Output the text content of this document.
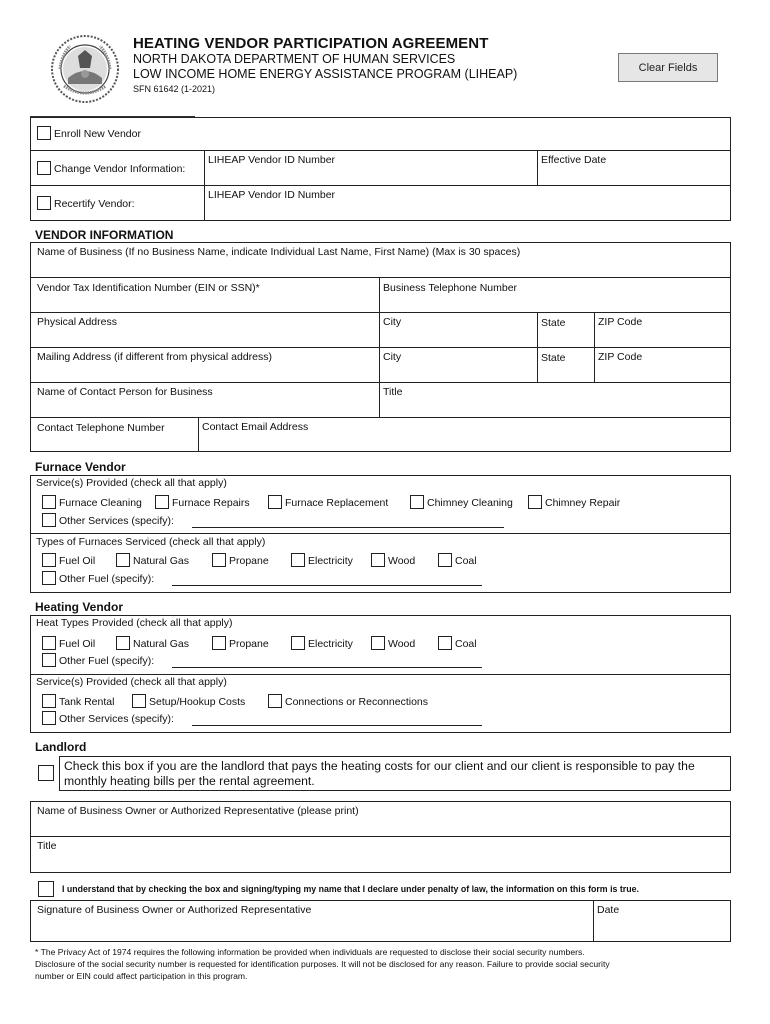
HEATING VENDOR PARTICIPATION AGREEMENT
NORTH DAKOTA DEPARTMENT OF HUMAN SERVICES
LOW INCOME HOME ENERGY ASSISTANCE PROGRAM (LIHEAP)
SFN 61642 (1-2021)
Clear Fields
Enroll New Vendor
Change Vendor Information:
LIHEAP Vendor ID Number	Effective Date
Recertify Vendor:
LIHEAP Vendor ID Number
VENDOR INFORMATION
Name of Business (If no Business Name, indicate Individual Last Name, First Name) (Max is 30 spaces)
Vendor Tax Identification Number (EIN or SSN)*	Business Telephone Number
Physical Address	City	State	ZIP Code
Mailing Address (if different from physical address)	City	State	ZIP Code
Name of Contact Person for Business	Title
Contact Telephone Number	Contact Email Address
Furnace Vendor
Service(s) Provided (check all that apply)
Furnace Cleaning	Furnace Repairs	Furnace Replacement	Chimney Cleaning	Chimney Repair
Other Services (specify):
Types of Furnaces Serviced (check all that apply)
Fuel Oil	Natural Gas	Propane	Electricity	Wood	Coal
Other Fuel (specify):
Heating Vendor
Heat Types Provided (check all that apply)
Fuel Oil	Natural Gas	Propane	Electricity	Wood	Coal
Other Fuel (specify):
Service(s) Provided (check all that apply)
Tank Rental	Setup/Hookup Costs	Connections or Reconnections
Other Services (specify):
Landlord
Check this box if you are the landlord that pays the heating costs for our client and our client is responsible to pay the
monthly heating bills per the rental agreement.
Name of Business Owner or Authorized Representative (please print)
Title
I understand that by checking the box and signing/typing my name that I declare under penalty of law, the information on this form is true.
Signature of Business Owner or Authorized Representative	Date
* The Privacy Act of 1974 requires the following information be provided when individuals are requested to disclose their social security numbers.
Disclosure of the social security number is requested for identification purposes. It will not be disclosed for any reason. Failure to provide social security
number or EIN could affect participation in this program.
